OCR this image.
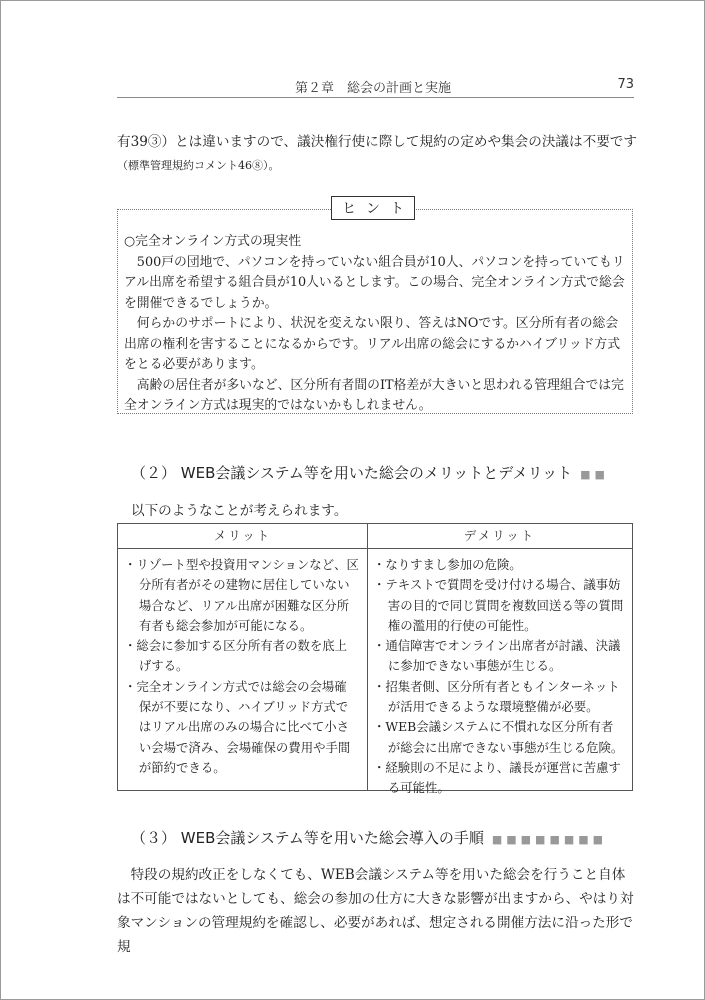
第２章　総会の計画と実施	73
有39③）とは違いますので、議決権行使に際して規約の定めや集会の決議は不要です（標準管理規約コメント46⑧）。
ヒント

○完全オンライン方式の現実性

500戸の団地で、パソコンを持っていない組合員が10人、パソコンを持っていてもリアル出席を希望する組合員が10人いるとします。この場合、完全オンライン方式で総会を開催できるでしょうか。

何らかのサポートにより、状況を変えない限り、答えはNOです。区分所有者の総会出席の権利を害することになるからです。リアル出席の総会にするかハイブリッド方式をとる必要があります。

高齢の居住者が多いなど、区分所有者間のIT格差が大きいと思われる管理組合では完全オンライン方式は現実的ではないかもしれません。

（２） WEB会議システム等を用いた総会のメリットとデメリット ■■
以下のようなことが考えられます。
メリット
・リゾート型や投資用マンションなど、区分所有者がその建物に居住していない場合など、リアル出席が困難な区分所有者も総会参加が可能になる。
・総会に参加する区分所有者の数を底上げする。
・完全オンライン方式では総会の会場確保が不要になり、ハイブリッド方式ではリアル出席のみの場合に比べて小さい会場で済み、会場確保の費用や手間が節約できる。
デメリット
・なりすまし参加の危険。
・テキストで質問を受け付ける場合、議事妨害の目的で同じ質問を複数回送る等の質問権の濫用的行使の可能性。
・通信障害でオンライン出席者が討議、決議に参加できない事態が生じる。
・招集者側、区分所有者ともインターネットが活用できるような環境整備が必要。
・WEB会議システムに不慣れな区分所有者が総会に出席できない事態が生じる危険。
・経験則の不足により、議長が運営に苦慮する可能性。
（３） WEB会議システム等を用いた総会導入の手順 ■■■■■■■■

特段の規約改正をしなくても、WEB会議システム等を用いた総会を行うこと自体は不可能ではないとしても、総会の参加の仕方に大きな影響が出ますから、やはり対象マンションの管理規約を確認し、必要があれば、想定される開催方法に沿った形で規
